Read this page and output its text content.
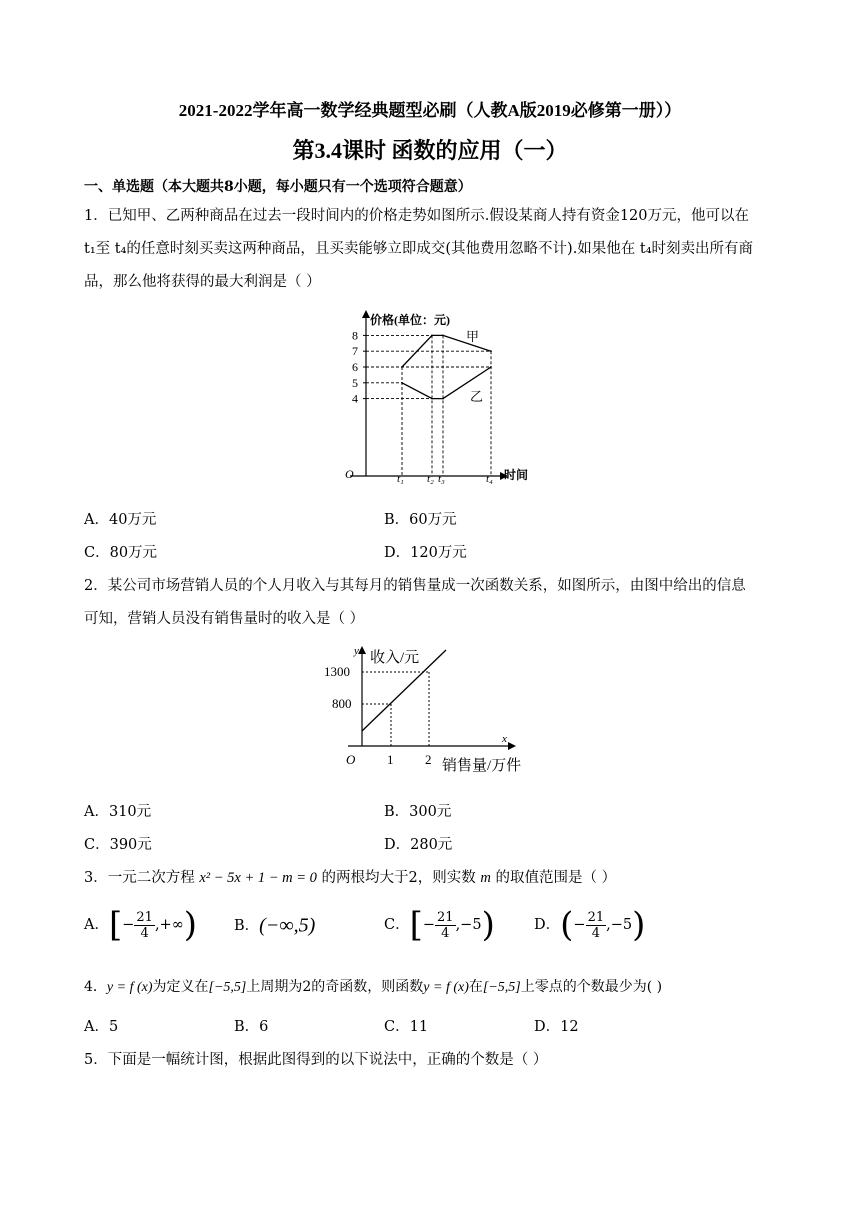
2021-2022学年高一数学经典题型必刷（人教A版2019必修第一册））
第3.4课时 函数的应用（一）
一、单选题（本大题共8小题，每小题只有一个选项符合题意）
1．已知甲、乙两种商品在过去一段时间内的价格走势如图所示.假设某商人持有资金120万元，他可以在
t₁至 t₄的任意时刻买卖这两种商品，且买卖能够立即成交(其他费用忽略不计).如果他在 t₄时刻卖出所有商
品，那么他将获得的最大利润是（ ）
8
7
6
5
4
t₁ t₂ t₃	t₄
价格(单位：元)
时间
O
甲
乙
A．40万元	B．60万元
C．80万元	D．120万元
2．某公司市场营销人员的个人月收入与其每月的销售量成一次函数关系，如图所示，由图中给出的信息
可知，营销人员没有销售量时的收入是（ ）
y 收入/元
1300
800
x
O 1 2 销售量/万件
A．310元	B．300元
C．390元	D．280元
3．一元二次方程 x² − 5x + 1 − m = 0 的两根均大于2，则实数 m 的取值范围是（ ）
A．[− $\frac{21}{4}$ ,+∞)	B．(−∞,5)	C．[− $\frac{21}{4} ,-5$)	D．(− $\frac{21}{4} ,-5$)
4．y = f (x)为定义在[−5,5]上周期为2的奇函数，则函数y = f (x)在[−5,5]上零点的个数最少为( )
A．5	B．6	C．11	D．12
5．下面是一幅统计图，根据此图得到的以下说法中，正确的个数是（ ）
